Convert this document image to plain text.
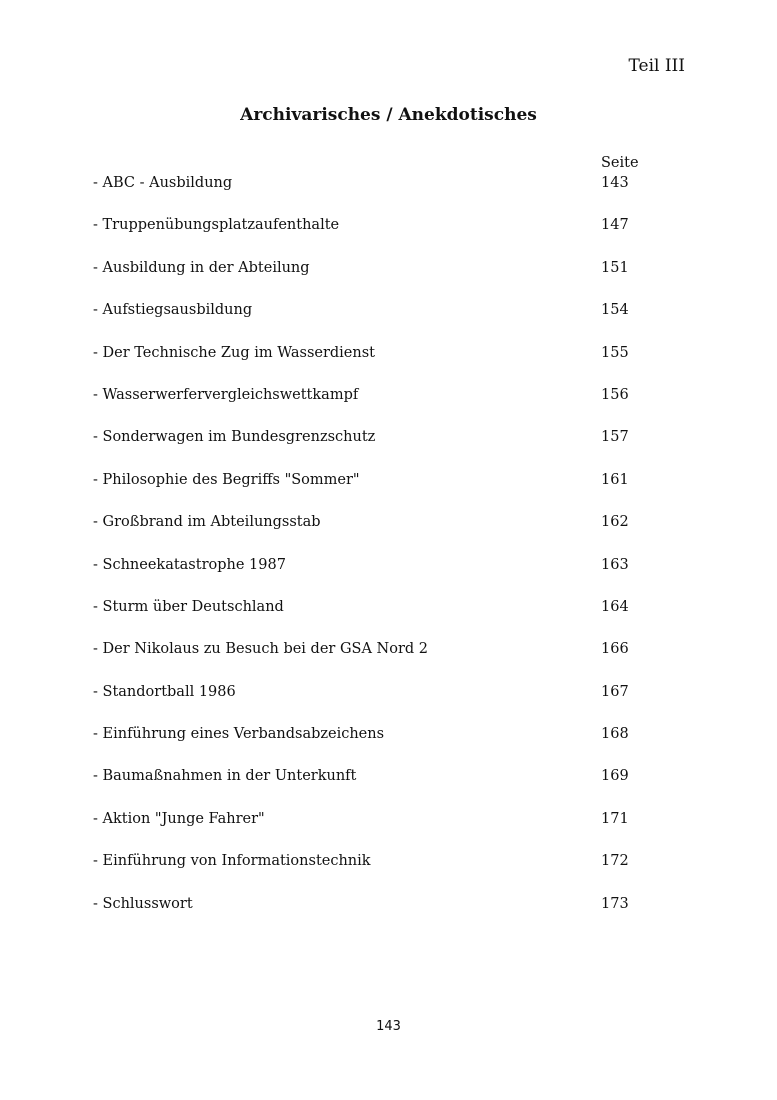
Teil III
Archivarisches / Anekdotisches
Seite
- ABC - Ausbildung	143
- Truppenübungsplatzaufenthalte	147
- Ausbildung in der Abteilung	151
- Aufstiegsausbildung	154
- Der Technische Zug im Wasserdienst	155
- Wasserwerfervergleichswettkampf	156
- Sonderwagen im Bundesgrenzschutz	157
- Philosophie des Begriffs "Sommer"	161
- Großbrand im Abteilungsstab	162
- Schneekatastrophe 1987	163
- Sturm über Deutschland	164
- Der Nikolaus zu Besuch bei der GSA Nord 2	166
- Standortball 1986	167
- Einführung eines Verbandsabzeichens	168
- Baumaßnahmen in der Unterkunft	169
- Aktion "Junge Fahrer"	171
- Einführung von Informationstechnik	172
- Schlusswort	173
143
